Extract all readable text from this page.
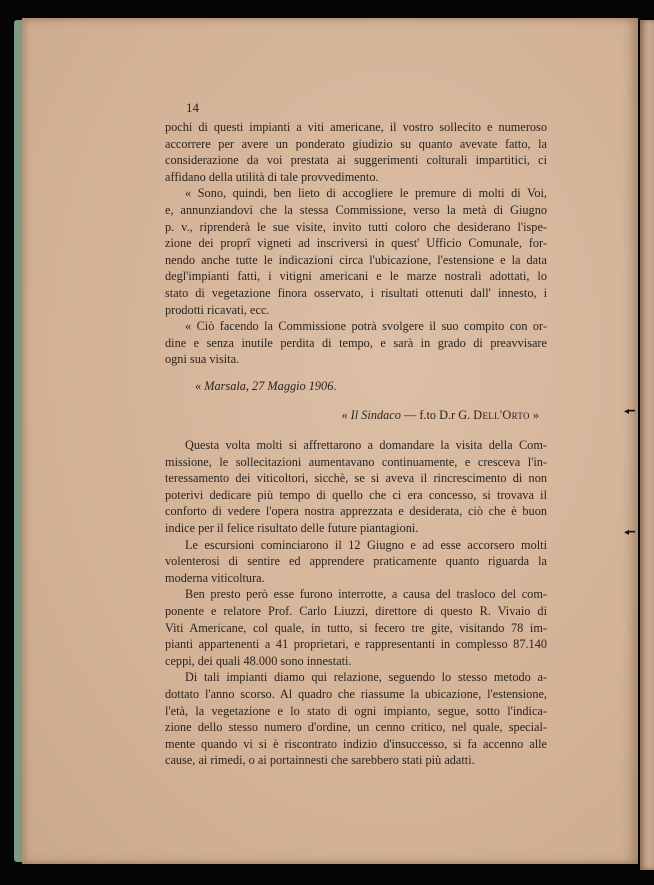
◂━
◂━
14

pochi di questi impianti a viti americane, il vostro sollecito e numeroso
accorrere per avere un ponderato giudizio su quanto avevate fatto, la
considerazione da voi prestata ai suggerimenti colturali impartitici, ci
affidano della utilità di tale provvedimento.

« Sono, quindi, ben lieto di accogliere le premure di molti di Voi,
e, annunziandovi che la stessa Commissione, verso la metà di Giugno
p. v., riprenderà le sue visite, invito tutti coloro che desiderano l'ispe-
zione dei proprî vigneti ad inscriversi in quest' Ufficio Comunale, for-
nendo anche tutte le indicazioni circa l'ubicazione, l'estensione e la data
degl'impianti fatti, i vitigni americani e le marze nostrali adottati, lo
stato di vegetazione finora osservato, i risultati ottenuti dall' innesto, i
prodotti ricavati, ecc.

« Ciò facendo la Commissione potrà svolgere il suo compito con or-
dine e senza inutile perdita di tempo, e sarà in grado di preavvisare
ogni sua visita.

« Marsala, 27 Maggio 1906.
« Il Sindaco — f.to D.r G. Dell'Orto »

Questa volta molti si affrettarono a domandare la visita della Com-
missione, le sollecitazioni aumentavano continuamente, e cresceva l'in-
teressamento dei viticoltori, sicchè, se si aveva il rincrescimento di non
poterivi dedicare più tempo di quello che ci era concesso, si trovava il
conforto di vedere l'opera nostra apprezzata e desiderata, ciò che è buon
indice per il felice risultato delle future piantagioni.

Le escursioni cominciarono il 12 Giugno e ad esse accorsero molti
volenterosi di sentire ed apprendere praticamente quanto riguarda la
moderna viticoltura.

Ben presto però esse furono interrotte, a causa del trasloco del com-
ponente e relatore Prof. Carlo Liuzzi, direttore di questo R. Vivaio di
Viti Americane, col quale, in tutto, si fecero tre gite, visitando 78 im-
pianti appartenenti a 41 proprietari, e rappresentanti in complesso 87.140
ceppi, dei quali 48.000 sono innestati.

Di tali impianti diamo qui relazione, seguendo lo stesso metodo a-
dottato l'anno scorso. Al quadro che riassume la ubicazione, l'estensione,
l'età, la vegetazione e lo stato di ogni impianto, segue, sotto l'indica-
zione dello stesso numero d'ordine, un cenno critico, nel quale, special-
mente quando vi si è riscontrato indizio d'insuccesso, si fa accenno alle
cause, ai rimedi, o ai portainnesti che sarebbero stati più adatti.
